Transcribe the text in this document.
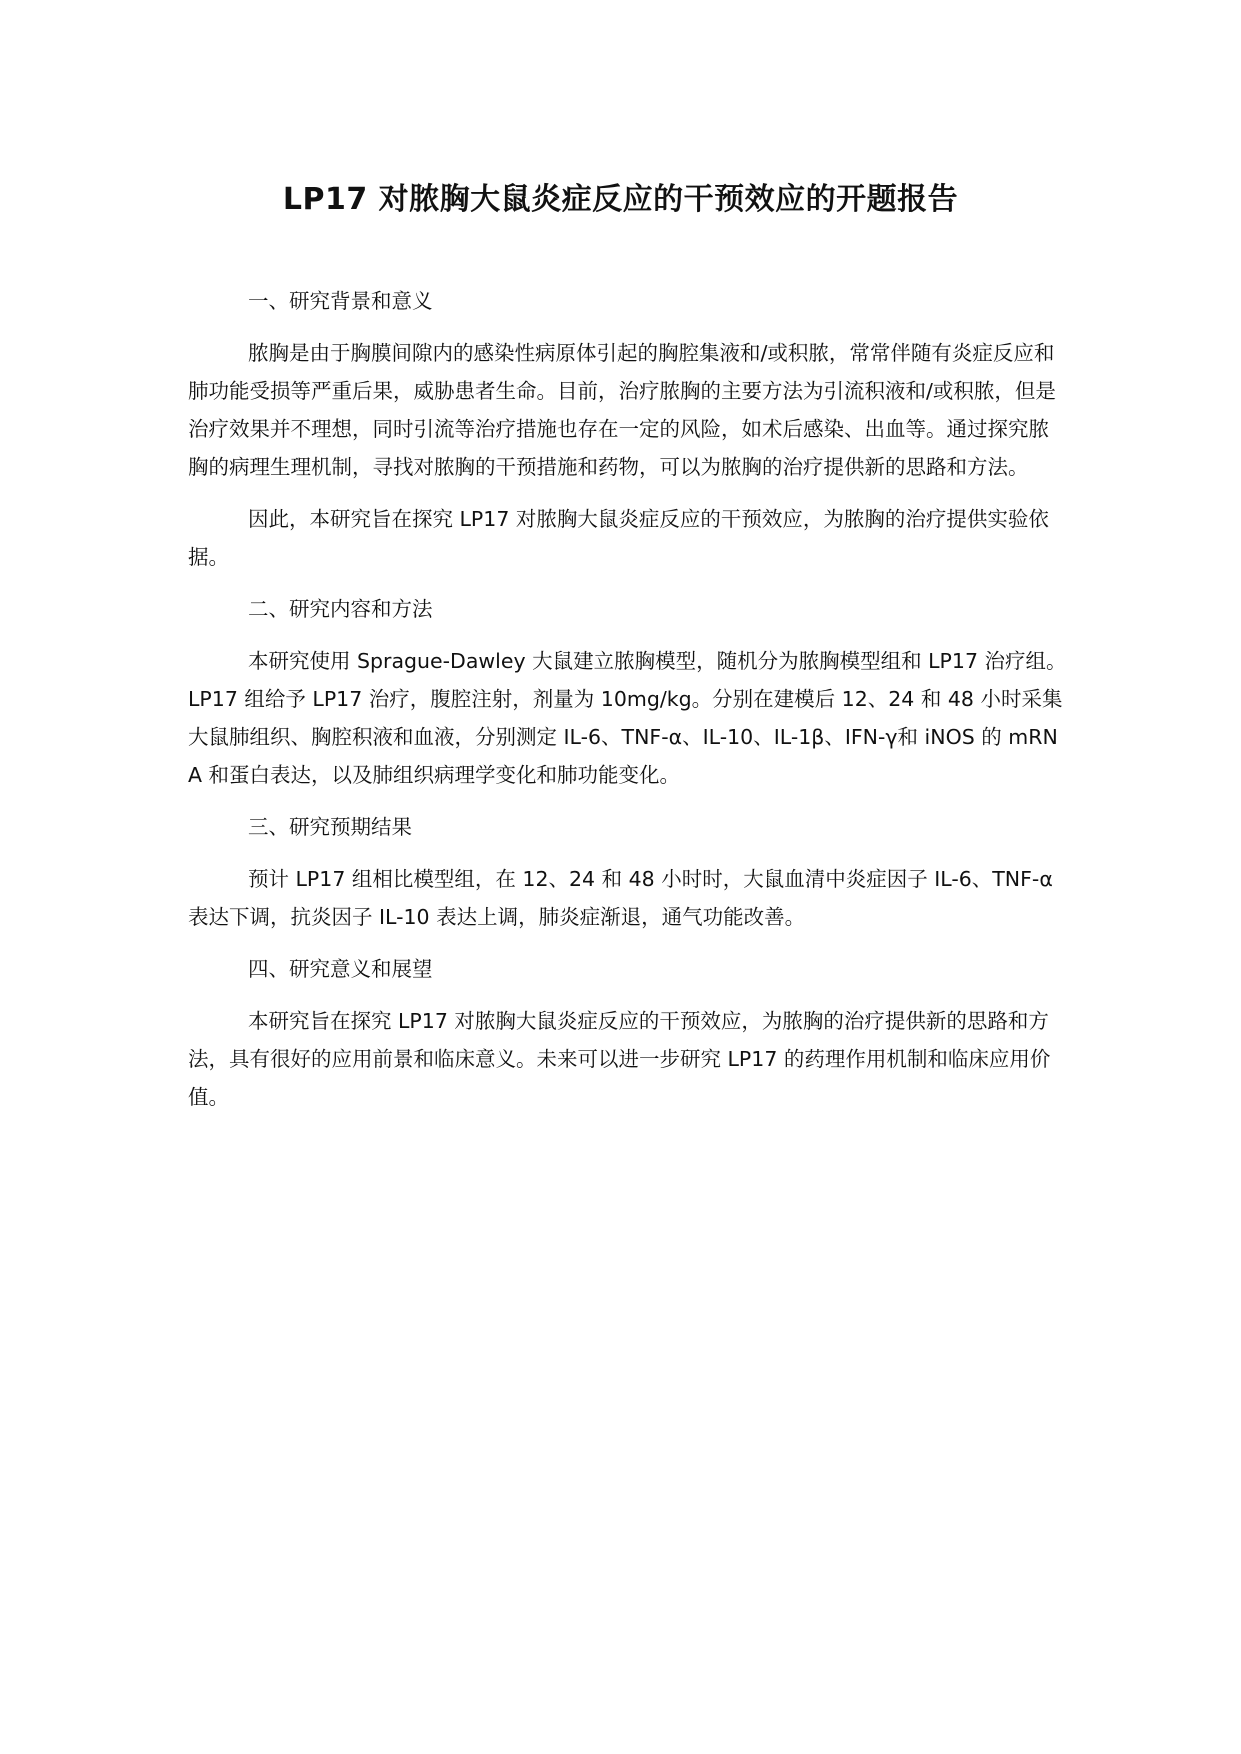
LP17 对脓胸大鼠炎症反应的干预效应的开题报告

一、研究背景和意义

脓胸是由于胸膜间隙内的感染性病原体引起的胸腔集液和/或积脓，常常伴随有炎症反应和肺功能受损等严重后果，威胁患者生命。目前，治疗脓胸的主要方法为引流积液和/或积脓，但是治疗效果并不理想，同时引流等治疗措施也存在一定的风险，如术后感染、出血等。通过探究脓胸的病理生理机制，寻找对脓胸的干预措施和药物，可以为脓胸的治疗提供新的思路和方法。

因此，本研究旨在探究 LP17 对脓胸大鼠炎症反应的干预效应，为脓胸的治疗提供实验依据。

二、研究内容和方法

本研究使用 Sprague-Dawley 大鼠建立脓胸模型，随机分为脓胸模型组和 LP17 治疗组。LP17 组给予 LP17 治疗，腹腔注射，剂量为 10mg/kg。分别在建模后 12、24 和 48 小时采集大鼠肺组织、胸腔积液和血液，分别测定 IL-6、TNF-α、IL-10、IL-1β、IFN-γ和 iNOS 的 mRNA 和蛋白表达，以及肺组织病理学变化和肺功能变化。

三、研究预期结果

预计 LP17 组相比模型组，在 12、24 和 48 小时时，大鼠血清中炎症因子 IL-6、TNF-α表达下调，抗炎因子 IL-10 表达上调，肺炎症渐退，通气功能改善。

四、研究意义和展望

本研究旨在探究 LP17 对脓胸大鼠炎症反应的干预效应，为脓胸的治疗提供新的思路和方法，具有很好的应用前景和临床意义。未来可以进一步研究 LP17 的药理作用机制和临床应用价值。
